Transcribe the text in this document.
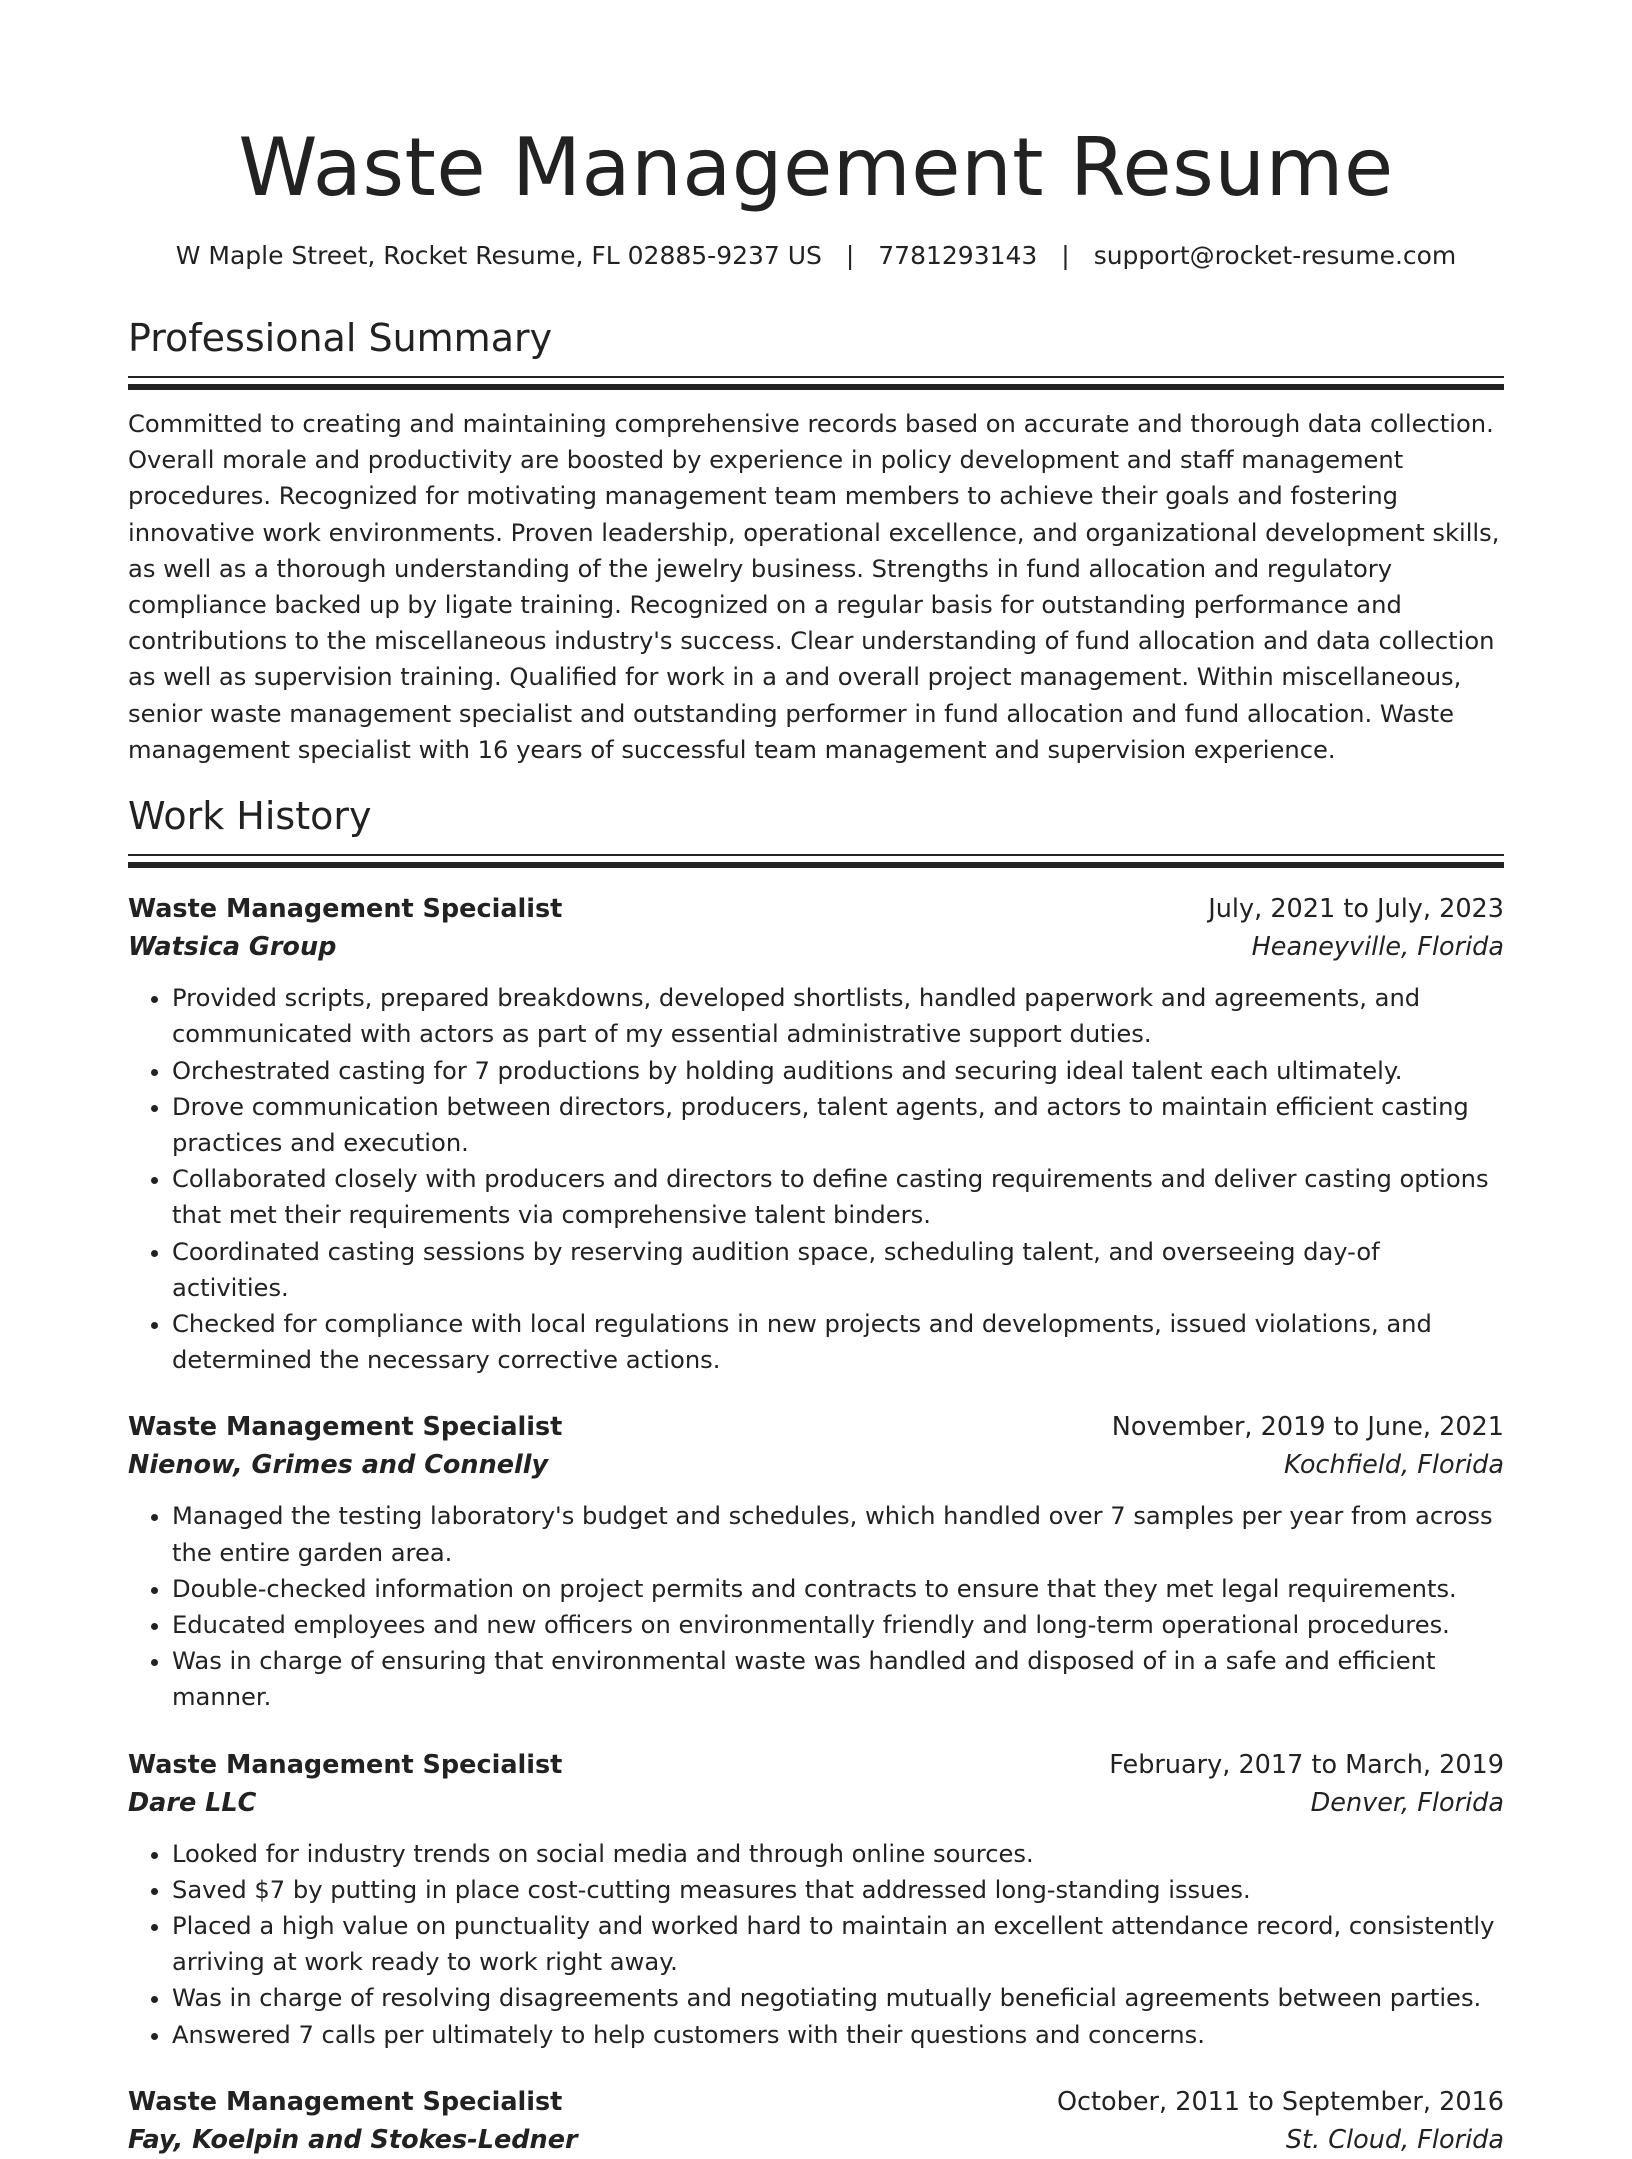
Waste Management Resume
W Maple Street, Rocket Resume, FL 02885-9237 US | 7781293143 | support@rocket-resume.com
Professional Summary

Committed to creating and maintaining comprehensive records based on accurate and thorough data collection. Overall morale and productivity are boosted by experience in policy development and staff management procedures. Recognized for motivating management team members to achieve their goals and fostering innovative work environments. Proven leadership, operational excellence, and organizational development skills, as well as a thorough understanding of the jewelry business. Strengths in fund allocation and regulatory compliance backed up by ligate training. Recognized on a regular basis for outstanding performance and contributions to the miscellaneous industry's success. Clear understanding of fund allocation and data collection as well as supervision training. Qualified for work in a and overall project management. Within miscellaneous, senior waste management specialist and outstanding performer in fund allocation and fund allocation. Waste management specialist with 16 years of successful team management and supervision experience.

Work History
Waste Management Specialist	July, 2021 to July, 2023
Watsica Group	Heaneyville, Florida
• Provided scripts, prepared breakdowns, developed shortlists, handled paperwork and agreements, and communicated with actors as part of my essential administrative support duties.
• Orchestrated casting for 7 productions by holding auditions and securing ideal talent each ultimately.
• Drove communication between directors, producers, talent agents, and actors to maintain efficient casting practices and execution.
• Collaborated closely with producers and directors to define casting requirements and deliver casting options that met their requirements via comprehensive talent binders.
• Coordinated casting sessions by reserving audition space, scheduling talent, and overseeing day-of activities.
• Checked for compliance with local regulations in new projects and developments, issued violations, and determined the necessary corrective actions.
Waste Management Specialist	November, 2019 to June, 2021
Nienow, Grimes and Connelly	Kochfield, Florida
• Managed the testing laboratory's budget and schedules, which handled over 7 samples per year from across the entire garden area.
• Double-checked information on project permits and contracts to ensure that they met legal requirements.
• Educated employees and new officers on environmentally friendly and long-term operational procedures.
• Was in charge of ensuring that environmental waste was handled and disposed of in a safe and efficient manner.
Waste Management Specialist	February, 2017 to March, 2019
Dare LLC	Denver, Florida
• Looked for industry trends on social media and through online sources.
• Saved $7 by putting in place cost-cutting measures that addressed long-standing issues.
• Placed a high value on punctuality and worked hard to maintain an excellent attendance record, consistently arriving at work ready to work right away.
• Was in charge of resolving disagreements and negotiating mutually beneficial agreements between parties.
• Answered 7 calls per ultimately to help customers with their questions and concerns.
Waste Management Specialist	October, 2011 to September, 2016
Fay, Koelpin and Stokes-Ledner	St. Cloud, Florida
